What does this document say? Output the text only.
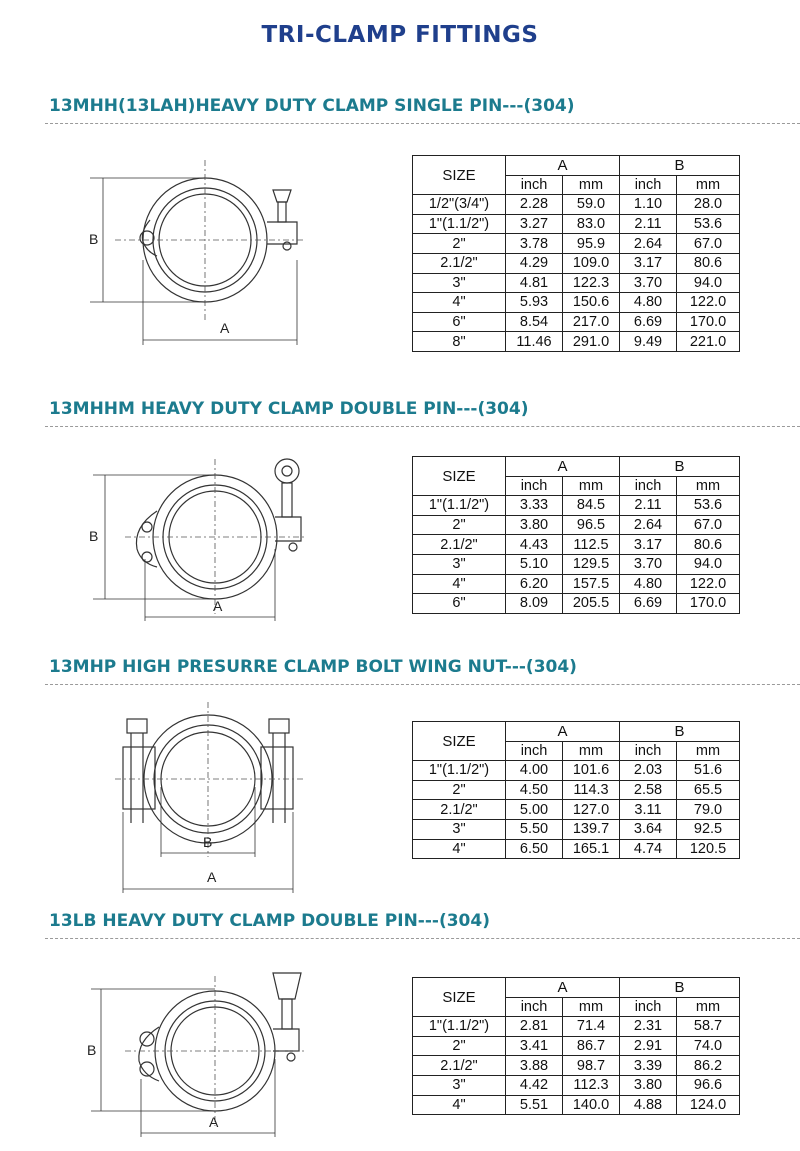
TRI-CLAMP FITTINGS
13MHH(13LAH)HEAVY DUTY CLAMP SINGLE PIN---(304)
B
A
SIZE	A		B	
	inch	mm	inch	mm
1/2"(3/4")	2.28	59.0	1.10	28.0
1"(1.1/2")	3.27	83.0	2.11	53.6
2"	3.78	95.9	2.64	67.0
2.1/2"	4.29	109.0	3.17	80.6
3"	4.81	122.3	3.70	94.0
4"	5.93	150.6	4.80	122.0
6"	8.54	217.0	6.69	170.0
8"	11.46	291.0	9.49	221.0
13MHHM HEAVY DUTY CLAMP DOUBLE PIN---(304)
B
A
SIZE	A		B	
	inch	mm	inch	mm
1"(1.1/2")	3.33	84.5	2.11	53.6
2"	3.80	96.5	2.64	67.0
2.1/2"	4.43	112.5	3.17	80.6
3"	5.10	129.5	3.70	94.0
4"	6.20	157.5	4.80	122.0
6"	8.09	205.5	6.69	170.0
13MHP HIGH PRESURRE CLAMP BOLT WING NUT---(304)
B
A
SIZE	A		B	
	inch	mm	inch	mm
1"(1.1/2")	4.00	101.6	2.03	51.6
2"	4.50	114.3	2.58	65.5
2.1/2"	5.00	127.0	3.11	79.0
3"	5.50	139.7	3.64	92.5
4"	6.50	165.1	4.74	120.5
13LB HEAVY DUTY CLAMP DOUBLE PIN---(304)
B
A
SIZE	A		B	
	inch	mm	inch	mm
1"(1.1/2")	2.81	71.4	2.31	58.7
2"	3.41	86.7	2.91	74.0
2.1/2"	3.88	98.7	3.39	86.2
3"	4.42	112.3	3.80	96.6
4"	5.51	140.0	4.88	124.0
